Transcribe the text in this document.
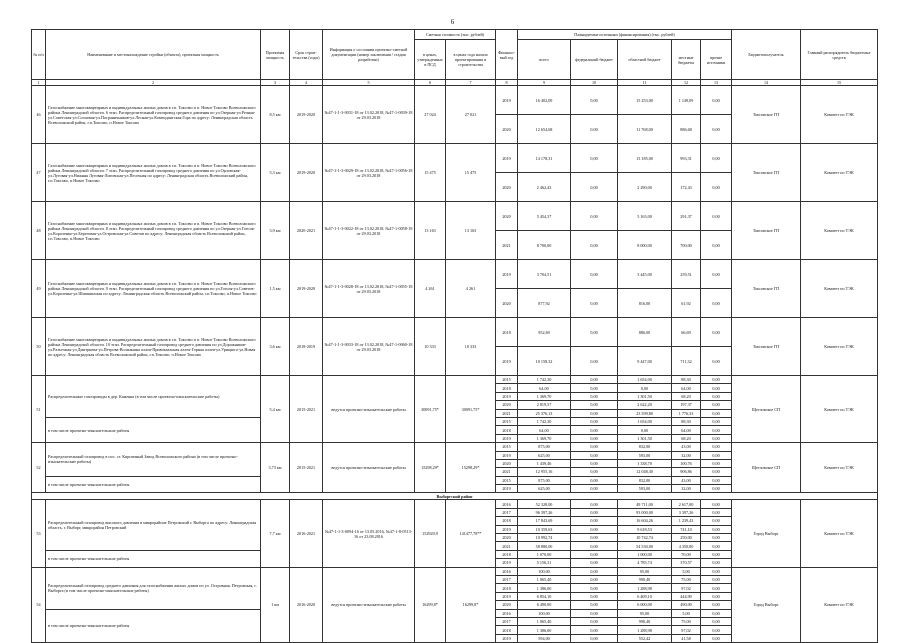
6
№ п/п	Наименование и местонахождение стройки (объекта), проектная мощность	Проектная мощность	Срок строи-тельства (годы)	Информация о состоянии проектно-сметной документации (номер заключения / стадия разработки)	Сметная стоимость (тыс. рублей)		Финансо-вый год	Планируемые источники (финансирования) (тыс. рублей)					Бюджетополучатель	Главный распорядитель бюджетных средств
					в ценах, утвержденных в ПСД	в ценах года начала проектирования и строительства		всего	федеральный бюджет	областной бюджет	местные бюджеты	прочие источники		
1	2	3	4	5	6	7	8	9	10	11	12	13	14	15
46	Газоснабжение многоквартирных и индивидуальных жилых домов в г.п. Токсово и п. Новое Токсово Всеволожского района Ленинградской области. 6 этап. Распределительный газопровод среднего давления по ул.Озерная-ул.Речная-ул.Советская-ул.Сосновая-ул.Пограничников-ул.Лесная-ул.Комендантская Гора по адресу: Ленинградская область Всеволожский район, г.п.Токсово, п.Новое Токсово	8,5 км	2019-2020	№47-1-1-3-0031-18 от 13.02.2018, №47-1-0039-18 от 29.03.2018	27 024	27 021	2019	16 402,09	0,00	15 253,00	1 149,09	0,00	Токсовское ГП	Комитет по ТЭК
							2020	12 654,68	0,00	11 768,00	886,68	0,00		
47	Газоснабжение многоквартирных и индивидуальных жилых домов в г.п. Токсово и п. Новое Токсово Всеволожского района Ленинградской области. 7 этап. Распределительный газопровод среднего давления по ул.Орловская-ул.Луговая-ул.Нижняя Луговая-Лиговская-ул.Песочная по адресу: Ленинградская область Всеволожский район, г.п.Токсово, п.Новое Токсово	5,3 км	2019-2020	№47-1-1-3-0029-18 от 13.02.2018, №47-1-0056-18 от 29.03.2018	15 475	15 475	2019	14 178,31	0,00	13 185,00	993,31	0,00	Токсовское ГП	Комитет по ТЭК
							2020	2 462,43	0,00	2 290,00	172,43	0,00		
48	Газоснабжение многоквартирных и индивидуальных жилых домов в г.п. Токсово и п. Новое Токсово Всеволожского района Ленинградской области. 8 этап. Распределительный газопровод среднего давления по ул.Озерная-ул.Гоголя-ул.Короленко-ул.Береговая-ул.Островская-ул.Cоветов по адресу: Ленинградская область Всеволожский район, г.п.Токсово, п.Новое Токсово	3,9 км	2020-2021	№47-1-1-3-0022-18 от 13.02.2018, №47-1-0058-18 от 29.03.2018	13 163	13 163	2020	5 454,37	0,00	5 163,00	291,37	0,00	Токсовское ГП	Комитет по ТЭК
							2021	8 700,00	0,00	8 000,00	700,00	0,00		
49	Газоснабжение многоквартирных и индивидуальных жилых домов в г.п. Токсово и п. Новое Токсово Всеволожского района Ленинградской области. 9 этап. Распределительный газопровод среднего давления по ул.Гоголя-ул.Советов-ул.Короленко-ул.Шишкинская по адресу: Ленинградская область Всеволожский район, г.п.Токсово, п.Новое Токсово	1,5 км	2019-2020	№47-1-1-3-0028-18 от 13.02.2018, №47-1-0055-18 от 29.03.2018	4 261	4 261	2019	3 704,51	0,00	3 445,00	259,51	0,00	Токсовское ГП	Комитет по ТЭК
							2020	877,92	0,00	816,00	61,92	0,00		
50	Газоснабжение многоквартирных и индивидуальных жилых домов в г.п. Токсово и п. Новое Токсово Всеволожского района Ленинградской области. 10 этап. Распределительный газопровод среднего давления по ул.Дорожников-ул.Разъезжая-ул.Дмитриева-ул.Петрова-Волжанина аллея-Привокзальная аллея-Горная аллея-ул.Урицкого-ул.Новая по адресу: Ленинградская область Всеволожский район, г.п.Токсово, п.Новое Токсово	3,6 км	2018-2019	№47-1-1-3-0033-18 от 13.02.2018, №47-1-0060-18 от 29.03.2018	10 333	10 333	2018	952,69	0,00	886,00	66,69	0,00	Токсовское ГП	Комитет по ТЭК
							2019	10 158,32	0,00	9 447,00	711,32	0,00		
51	Распределительные газопроводы в дер. Каменка (в том числе проектно-изыскательские работы)	5,4 км	2015-2021	ведутся проектно-изыскательские работы	30091,75*	30091,75*	2015	1 742,30	0,00	1 654,00	88,30	0,00	Щегловское СП	Комитет по ТЭК
							2018	64,00	0,00	0,00	64,00	0,00		
							2019	1 369,70	0,00	1 301,50	68,20	0,00		
							2020	2 819,57	0,00	2 622,20	197,37	0,00		
							2021	25 376,13	0,00	23 599,80	1 776,33	0,00		
	в том числе проектно-изыскательские работы						2015	1 742,30	0,00	1 654,00	88,30	0,00		
							2018	64,00	0,00	0,00	64,00	0,00		
							2019	1 369,70	0,00	1 301,50	68,20	0,00		
52	Распределительный газопровод в пос. ст. Кирпичный Завод Всеволожского района (в том числе проектно-изыскательские работы)	3,73 км	2015-2021	ведутся проектно-изыскательские работы	15298,29*	15298,29*	2015	875,00	0,00	832,00	43,00	0,00	Щегловское СП	Комитет по ТЭК
							2019	625,00	0,00	593,00	32,00	0,00		
							2020	1 439,46	0,00	1 338,70	100,76	0,00		
							2021	12 955,16	0,00	12 048,30	906,86	0,00		
	в том числе проектно-изыскательские работы						2015	875,00	0,00	832,00	43,00	0,00		
							2019	625,00	0,00	593,00	32,00	0,00		
Выборгский район														
53	Распределительный газопровод высокого давления в микрорайоне Петровский г. Выборга по адресу: Ленинградская область, г. Выборг, микрорайон Петровский	7,7 км	2016-2021	№47-1-1-3-0094-16 от 13.05.2016, №47-1-8-0513-16 от 23.08.2016	152920,9	141477,78**	2016	52 328,00	0,00	49 711,00	2 617,00	0,00	Город Выборг	Комитет по ТЭК
							2017	96 397,26	0,00	93 000,00	3 397,26	0,00		
							2018	17 843,69	0,00	16 604,26	1 239,43	0,00		
							2019	10 359,63	0,00	9 618,53	741,10	0,00		
							2020	10 992,74	0,00	10 742,74	250,00	0,00		
							2021	58 880,00	0,00	54 530,00	4 350,00	0,00		
	в том числе проектно-изыскательские работы						2018	1 070,00	0,00	1 000,00	70,00	0,00		
							2019	5 156,31	0,00	4 785,74	370,57	0,00		
54	Распределительный газопровод среднего давления для газоснабжения жилых домов по ул. Островная, Петровская, г. Выборга (в том числе проектно-изыскательские работы)	1 км	2016-2020	ведутся проектно-изыскательские работы	16299,8*	16299,8*	2016	100,00	0,00	95,00	5,00	0,00	Город Выборг	Комитет по ТЭК
							2017	1 065,40	0,00	990,40	75,00	0,00		
							2018	1 386,00	0,00	1 288,98	97,02	0,00		
							2019	6 854,10	0,00	6 409,10	444,90	0,00		
							2020	6 490,00	0,00	6 000,00	490,00	0,00		
	в том числе проектно-изыскательские работы						2016	100,00	0,00	95,00	5,00	0,00		
							2017	1 065,40	0,00	990,40	75,00	0,00		
							2018	1 386,00	0,00	1 288,98	97,02	0,00		
							2019	594,00	0,00	552,42	41,58	0,00		
